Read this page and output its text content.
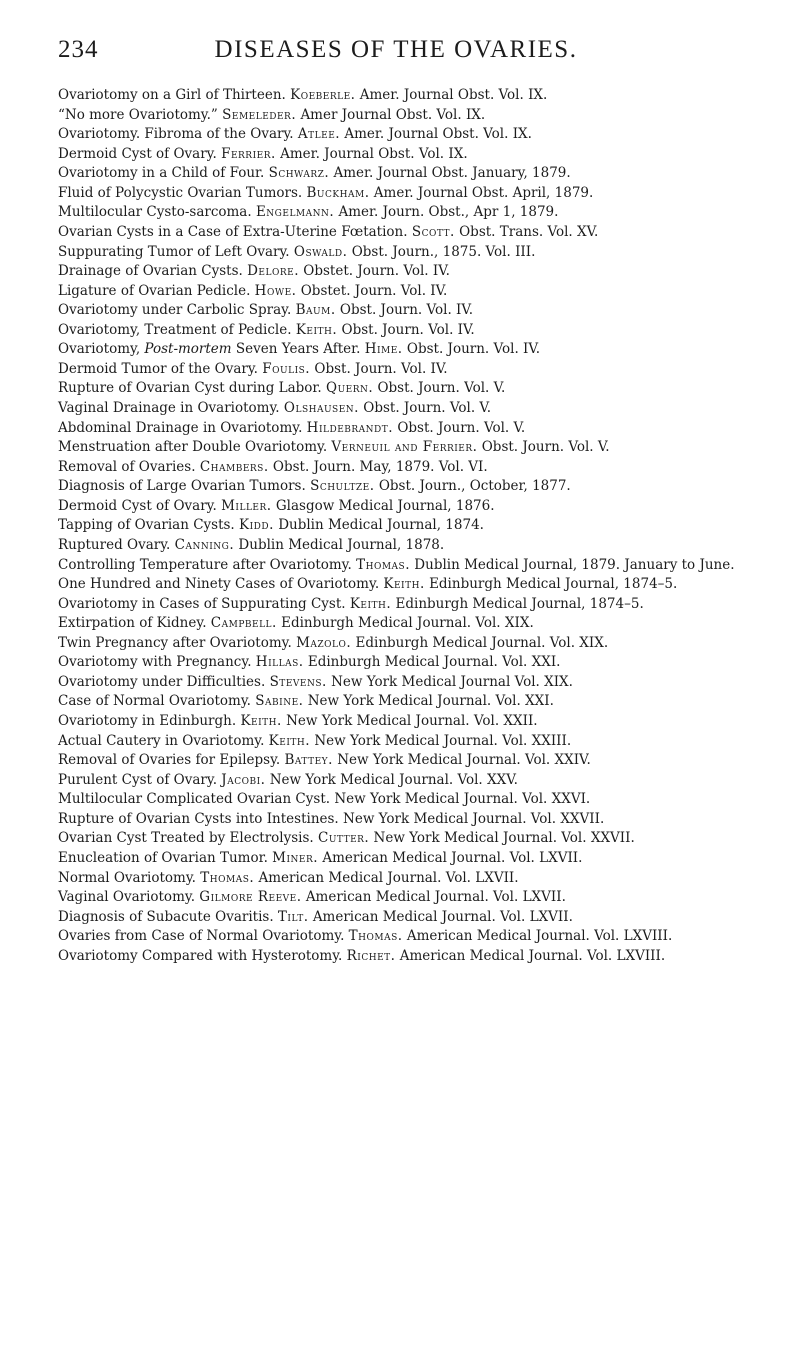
234	DISEASES OF THE OVARIES.
Ovariotomy on a Girl of Thirteen. Koeberle. Amer. Journal Obst. Vol. IX.
“No more Ovariotomy.” Semeleder. Amer Journal Obst. Vol. IX.
Ovariotomy. Fibroma of the Ovary. Atlee. Amer. Journal Obst. Vol. IX.
Dermoid Cyst of Ovary. Ferrier. Amer. Journal Obst. Vol. IX.
Ovariotomy in a Child of Four. Schwarz. Amer. Journal Obst. January, 1879.
Fluid of Polycystic Ovarian Tumors. Buckham. Amer. Journal Obst. April, 1879.
Multilocular Cysto-sarcoma. Engelmann. Amer. Journ. Obst., Apr 1, 1879.
Ovarian Cysts in a Case of Extra-Uterine Fœtation. Scott. Obst. Trans. Vol. XV.
Suppurating Tumor of Left Ovary. Oswald. Obst. Journ., 1875. Vol. III.
Drainage of Ovarian Cysts. Delore. Obstet. Journ. Vol. IV.
Ligature of Ovarian Pedicle. Howe. Obstet. Journ. Vol. IV.
Ovariotomy under Carbolic Spray. Baum. Obst. Journ. Vol. IV.
Ovariotomy, Treatment of Pedicle. Keith. Obst. Journ. Vol. IV.
Ovariotomy, Post-mortem Seven Years After. Hime. Obst. Journ. Vol. IV.
Dermoid Tumor of the Ovary. Foulis. Obst. Journ. Vol. IV.
Rupture of Ovarian Cyst during Labor. Quern. Obst. Journ. Vol. V.
Vaginal Drainage in Ovariotomy. Olshausen. Obst. Journ. Vol. V.
Abdominal Drainage in Ovariotomy. Hildebrandt. Obst. Journ. Vol. V.
Menstruation after Double Ovariotomy. Verneuil and Ferrier. Obst. Journ. Vol. V.
Removal of Ovaries. Chambers. Obst. Journ. May, 1879. Vol. VI.
Diagnosis of Large Ovarian Tumors. Schultze. Obst. Journ., October, 1877.
Dermoid Cyst of Ovary. Miller. Glasgow Medical Journal, 1876.
Tapping of Ovarian Cysts. Kidd. Dublin Medical Journal, 1874.
Ruptured Ovary. Canning. Dublin Medical Journal, 1878.
Controlling Temperature after Ovariotomy. Thomas. Dublin Medical Journal, 1879. January to June.
One Hundred and Ninety Cases of Ovariotomy. Keith. Edinburgh Medical Journal, 1874–5.
Ovariotomy in Cases of Suppurating Cyst. Keith. Edinburgh Medical Journal, 1874–5.
Extirpation of Kidney. Campbell. Edinburgh Medical Journal. Vol. XIX.
Twin Pregnancy after Ovariotomy. Mazolo. Edinburgh Medical Journal. Vol. XIX.
Ovariotomy with Pregnancy. Hillas. Edinburgh Medical Journal. Vol. XXI.
Ovariotomy under Difficulties. Stevens. New York Medical Journal Vol. XIX.
Case of Normal Ovariotomy. Sabine. New York Medical Journal. Vol. XXI.
Ovariotomy in Edinburgh. Keith. New York Medical Journal. Vol. XXII.
Actual Cautery in Ovariotomy. Keith. New York Medical Journal. Vol. XXIII.
Removal of Ovaries for Epilepsy. Battey. New York Medical Journal. Vol. XXIV.
Purulent Cyst of Ovary. Jacobi. New York Medical Journal. Vol. XXV.
Multilocular Complicated Ovarian Cyst. New York Medical Journal. Vol. XXVI.
Rupture of Ovarian Cysts into Intestines. New York Medical Journal. Vol. XXVII.
Ovarian Cyst Treated by Electrolysis. Cutter. New York Medical Journal. Vol. XXVII.
Enucleation of Ovarian Tumor. Miner. American Medical Journal. Vol. LXVII.
Normal Ovariotomy. Thomas. American Medical Journal. Vol. LXVII.
Vaginal Ovariotomy. Gilmore Reeve. American Medical Journal. Vol. LXVII.
Diagnosis of Subacute Ovaritis. Tilt. American Medical Journal. Vol. LXVII.
Ovaries from Case of Normal Ovariotomy. Thomas. American Medical Journal. Vol. LXVIII.
Ovariotomy Compared with Hysterotomy. Richet. American Medical Journal. Vol. LXVIII.
